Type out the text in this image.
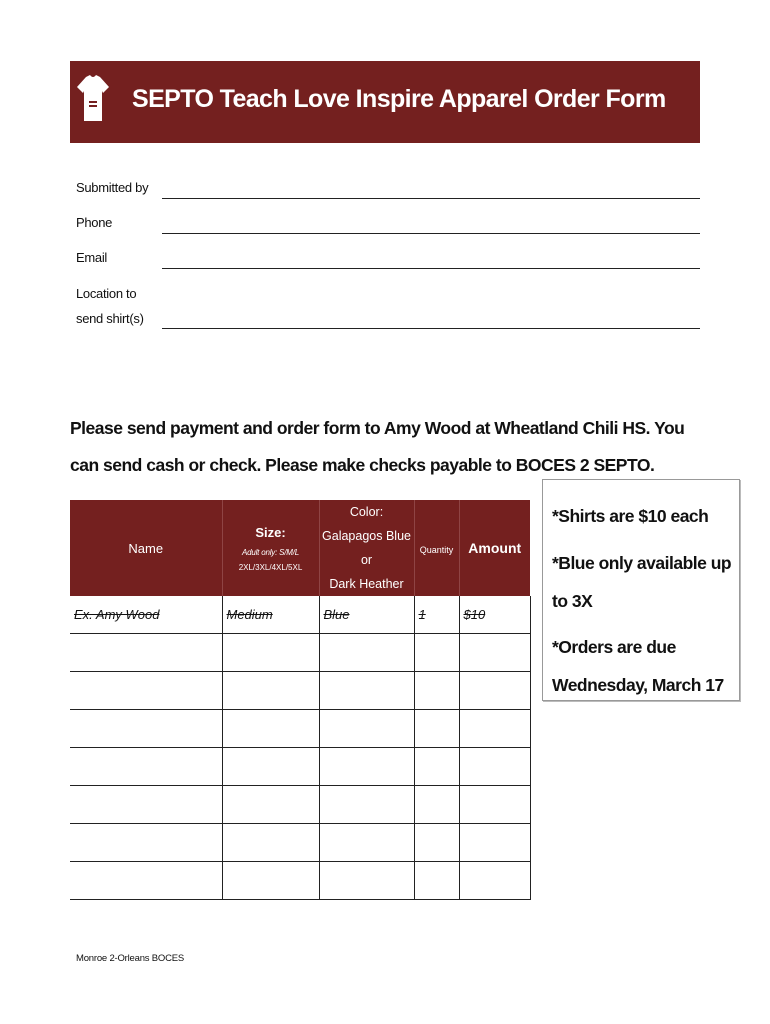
SEPTO Teach Love Inspire Apparel Order Form
Submitted by
Phone
Email
Location to send shirt(s)
Please send payment and order form to Amy Wood at Wheatland Chili HS. You can send cash or check. Please make checks payable to BOCES 2 SEPTO.
Name	Size:
Adult only: S/M/L
2XL/3XL/4XL/5XL	Color:
Galapagos Blue or
Dark Heather	Quantity	Amount
Ex. Amy Wood	Medium	Blue	1	$10

*Shirts are $10 each
*Blue only available up to 3X
*Orders are due Wednesday, March 17
Monroe 2-Orleans BOCES
